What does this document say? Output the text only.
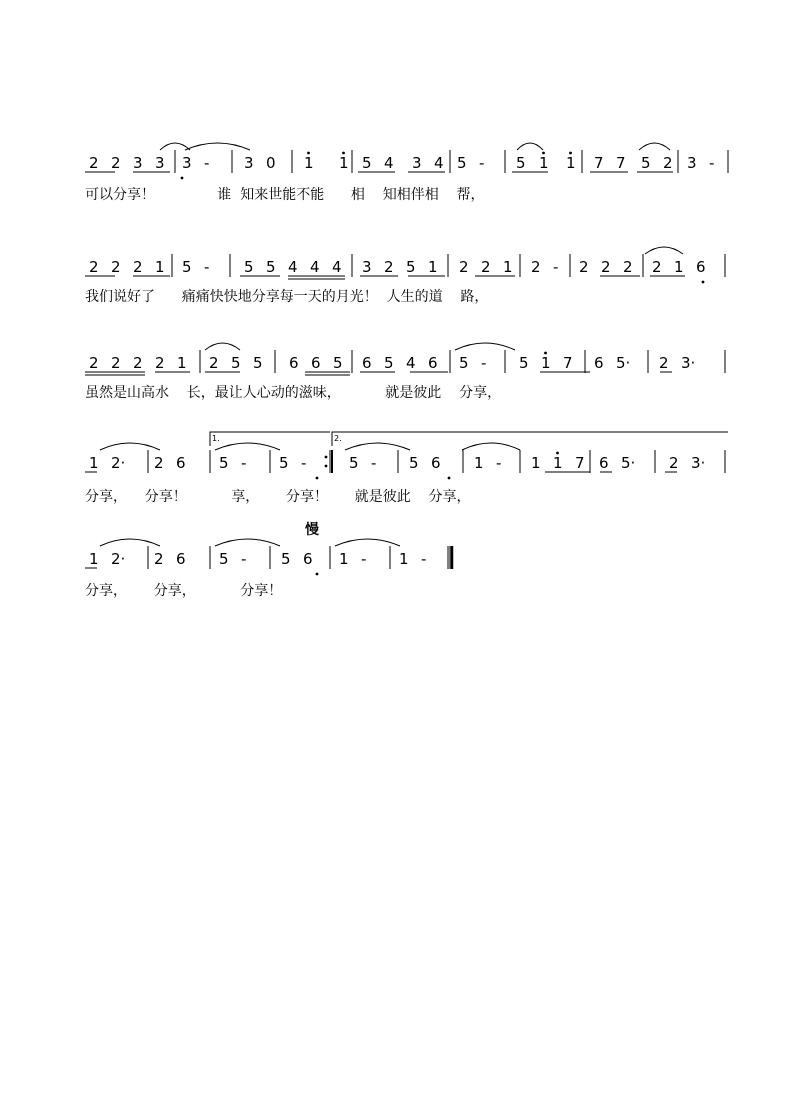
2 2 3 3 3 - 3 0 1 1 5 4 3 4 5 - 5 1 1 7 7 5 2 3 -
2 2 2 1 5 - 5 5 4 4 4 3 2 5 1 2 2 1 2 - 2 2 2 2 1 6
2 2 2 2 1 2 5 5 6 6 5 6 5 4 6 5 - 5 1 7 6 5· 2 3·
1 2· 2 6 5 - 5 -	5 - 5 6 1 - 1 1 7 6 5· 2 3·
1 2· 2 6 5 - 5 6 1 - 1 -
慢
1.	2.
可以分享！              谁  知来世能不能      相    知相伴相    帮，
我们说好了      痛痛快快地分享每一天的月光！  人生的道    路，
虽然是山高水    长，最让人心动的滋味，          就是彼此    分享，
分享，    分享！          享，      分享！      就是彼此    分享，
分享，      分享，          分享！
